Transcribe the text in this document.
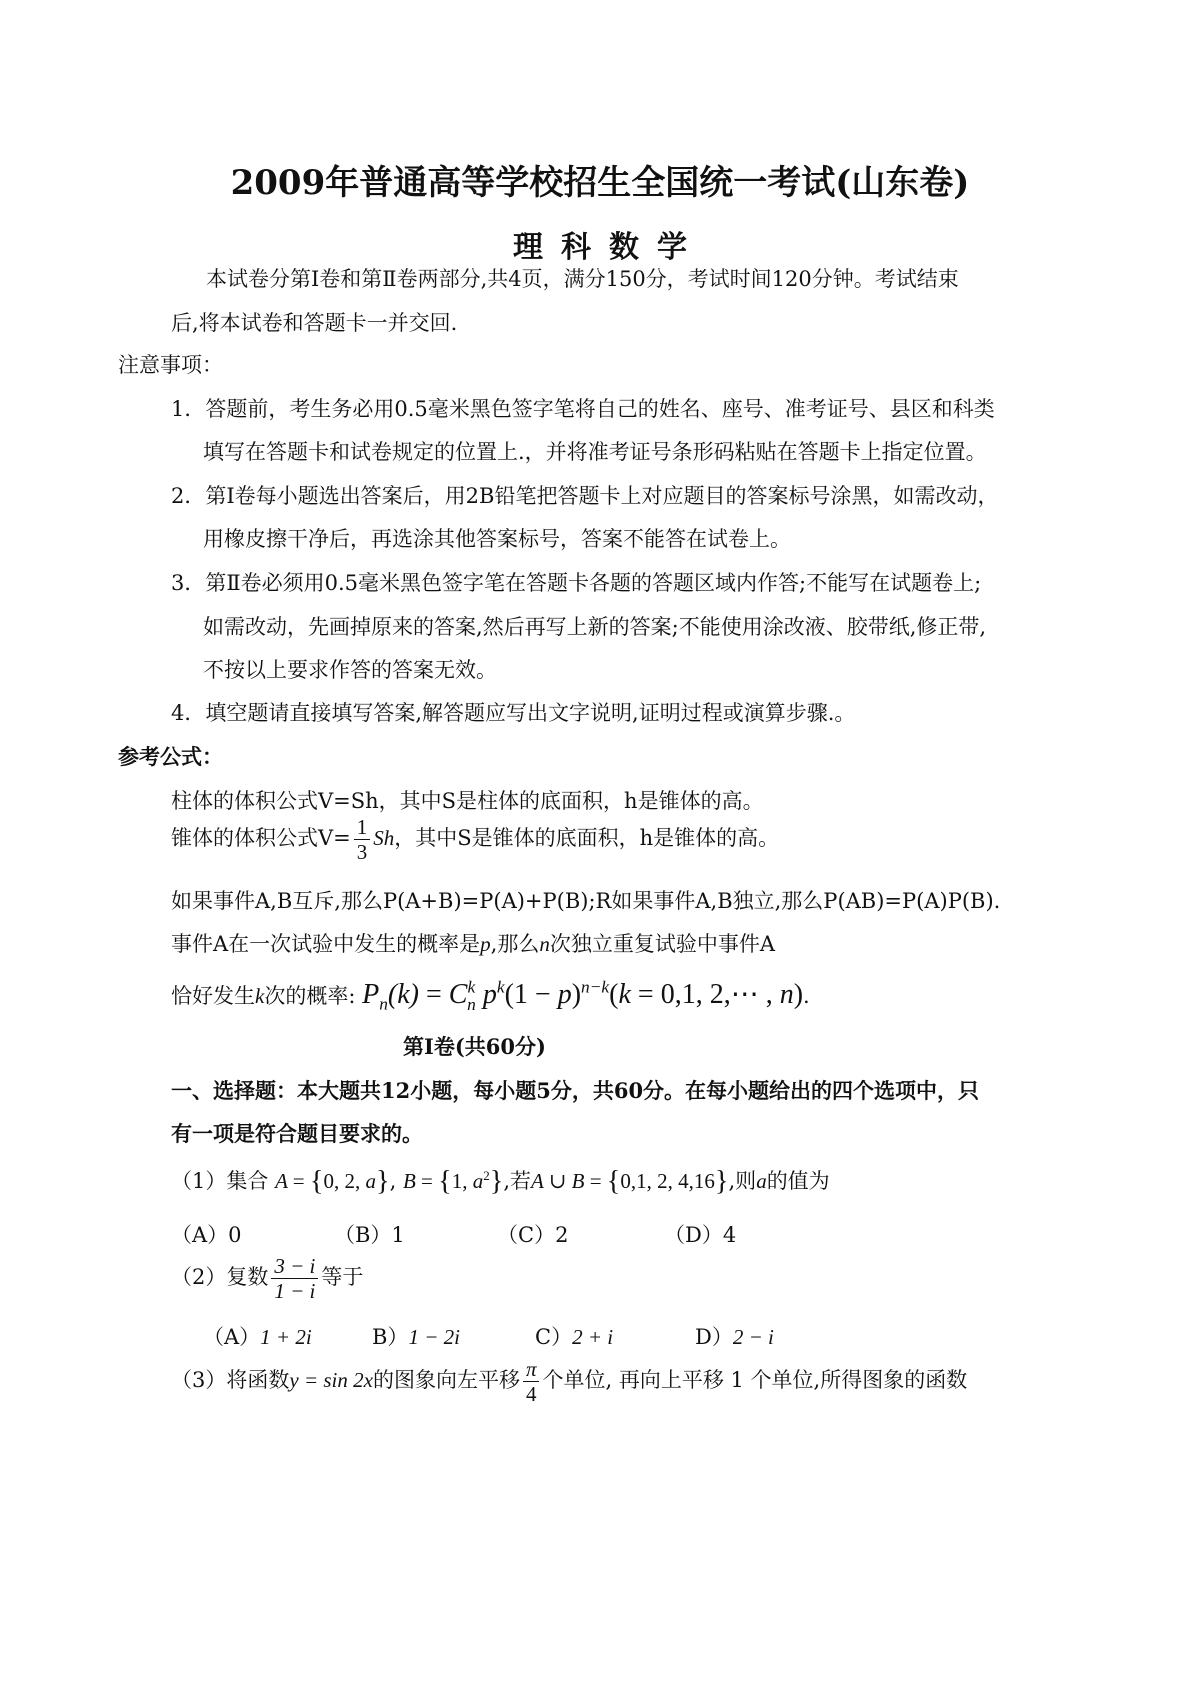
2009年普通高等学校招生全国统一考试(山东卷)
理科数学
本试卷分第Ⅰ卷和第Ⅱ卷两部分,共4页，满分150分，考试时间120分钟。考试结束
后,将本试卷和答题卡一并交回.
注意事项：
1．答题前，考生务必用0.5毫米黑色签字笔将自己的姓名、座号、准考证号、县区和科类
填写在答题卡和试卷规定的位置上.，并将准考证号条形码粘贴在答题卡上指定位置。
2．第Ⅰ卷每小题选出答案后，用2B铅笔把答题卡上对应题目的答案标号涂黑，如需改动，
用橡皮擦干净后，再选涂其他答案标号，答案不能答在试卷上。
3．第Ⅱ卷必须用0.5毫米黑色签字笔在答题卡各题的答题区域内作答;不能写在试题卷上;
如需改动，先画掉原来的答案,然后再写上新的答案;不能使用涂改液、胶带纸,修正带,
不按以上要求作答的答案无效。
4．填空题请直接填写答案,解答题应写出文字说明,证明过程或演算步骤.。
参考公式：
柱体的体积公式V=Sh，其中S是柱体的底面积，h是锥体的高。
锥体的体积公式$V= \frac{1}{3}$ Sh，其中S是锥体的底面积，h是锥体的高。
如果事件A,B互斥,那么P(A+B)=P(A)+P(B);R如果事件A,B独立,那么P(AB)=P(A)P(B).
事件A在一次试验中发生的概率是p,那么n次独立重复试验中事件A
恰好发生k次的概率: $P_n(k) = C^k_n$ $p^k(1 - p)^{n-k}(k = 0,1$, 2,⋯ , n).
第Ⅰ卷(共60分)
一、选择题：本大题共12小题，每小题5分，共60分。在每小题给出的四个选项中，只
有一项是符合题目要求的。
（1）集合 A = {0, 2, a}, B = {1, $a^2$},若A ∪ B = {0,1, 2, 4,16},则a的值为
（A）0	（B）1	（C）2	（D）4
（2）复数 $\frac{3 - i}{1 - i}$ 等于
（A）1 + 2i	B）1 − 2i	C）2 + i	D）2 − i
（3）将函数y = sin 2x的图象向左平移 $\frac{\pi}{4}$ 个单位, 再向上平移 1 个单位,所得图象的函数
